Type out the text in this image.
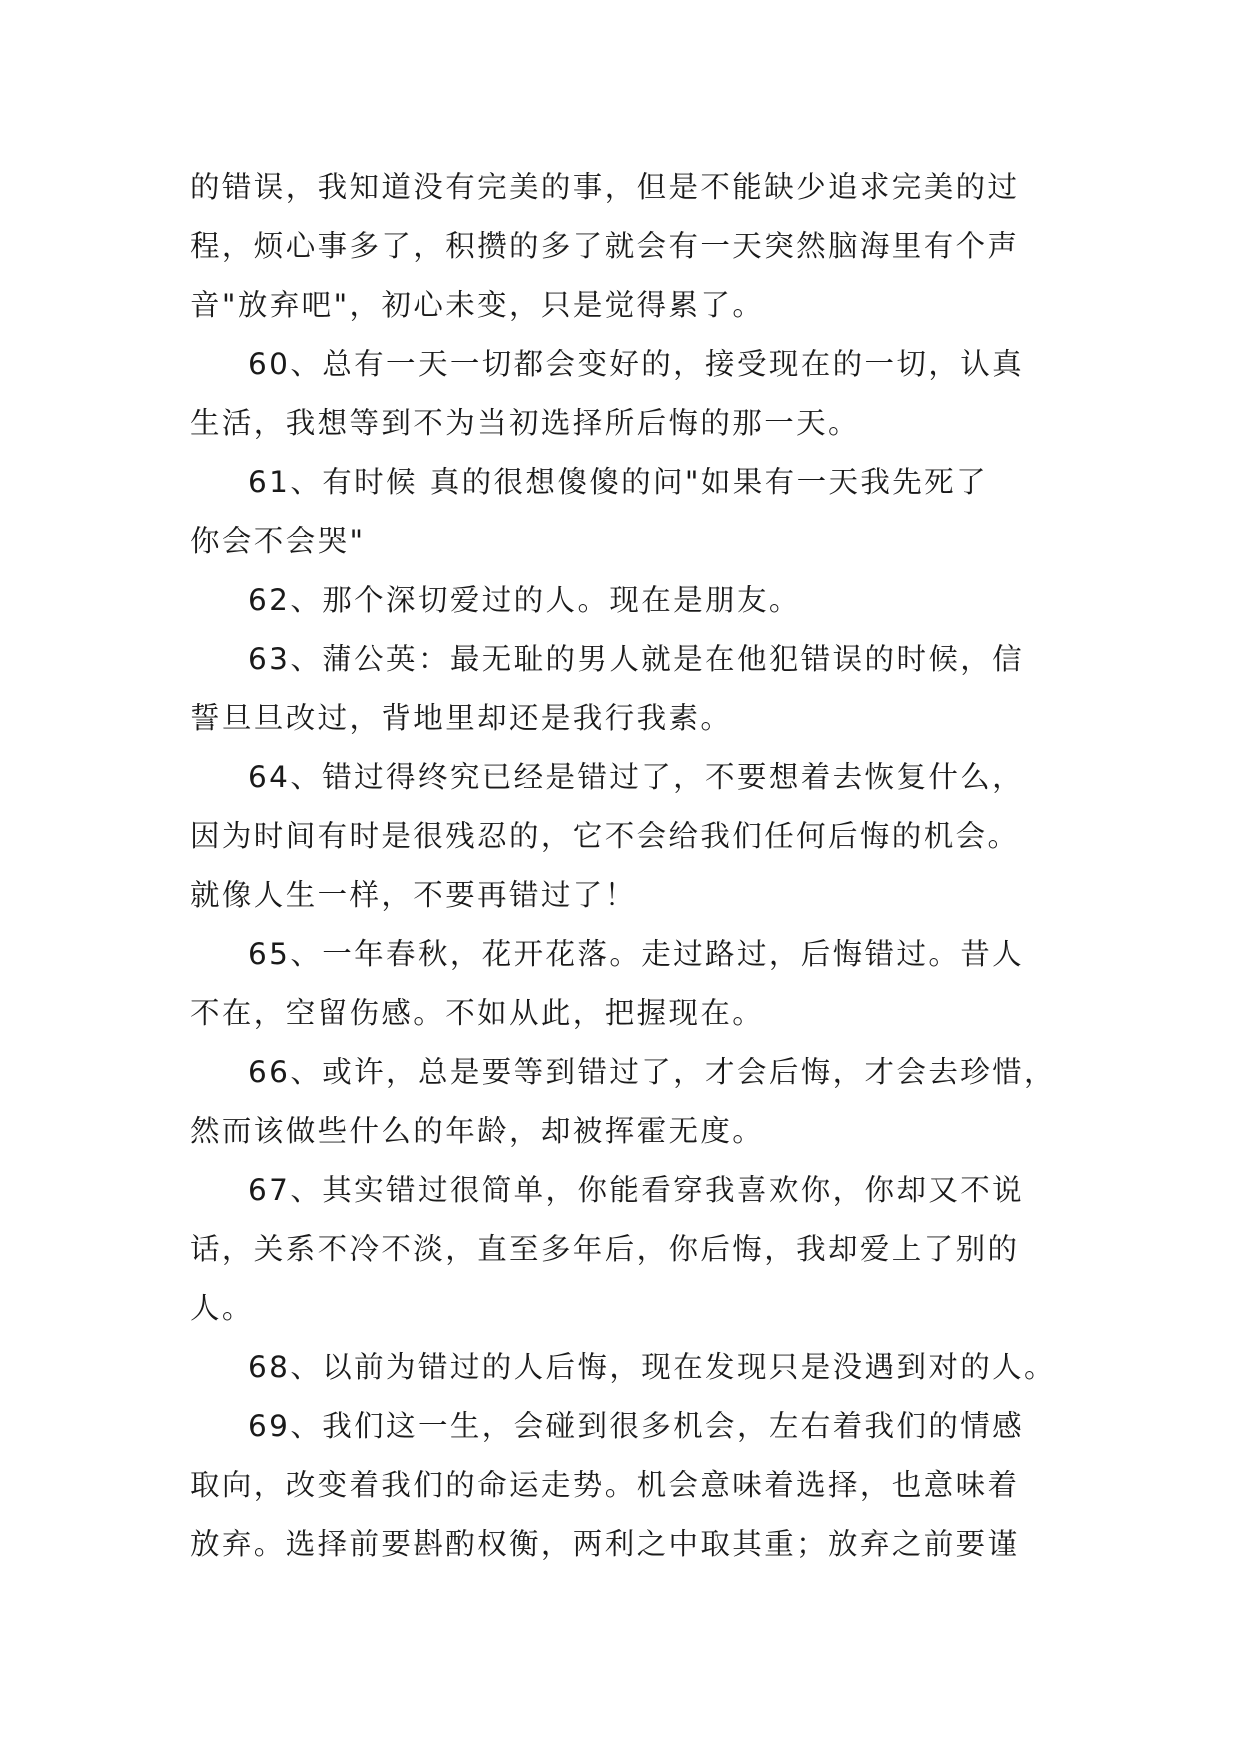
的错误，我知道没有完美的事，但是不能缺少追求完美的过
程，烦心事多了，积攒的多了就会有一天突然脑海里有个声
音"放弃吧"，初心未变，只是觉得累了。
60、总有一天一切都会变好的，接受现在的一切，认真
生活，我想等到不为当初选择所后悔的那一天。
61、有时候 真的很想傻傻的问"如果有一天我先死了
你会不会哭"
62、那个深切爱过的人。现在是朋友。
63、蒲公英：最无耻的男人就是在他犯错误的时候，信
誓旦旦改过，背地里却还是我行我素。
64、错过得终究已经是错过了，不要想着去恢复什么，
因为时间有时是很残忍的，它不会给我们任何后悔的机会。
就像人生一样，不要再错过了！
65、一年春秋，花开花落。走过路过，后悔错过。昔人
不在，空留伤感。不如从此，把握现在。
66、或许，总是要等到错过了，才会后悔，才会去珍惜，
然而该做些什么的年龄，却被挥霍无度。
67、其实错过很简单，你能看穿我喜欢你，你却又不说
话，关系不冷不淡，直至多年后，你后悔，我却爱上了别的
人。
68、以前为错过的人后悔，现在发现只是没遇到对的人。
69、我们这一生，会碰到很多机会，左右着我们的情感
取向，改变着我们的命运走势。机会意味着选择，也意味着
放弃。选择前要斟酌权衡，两利之中取其重；放弃之前要谨
